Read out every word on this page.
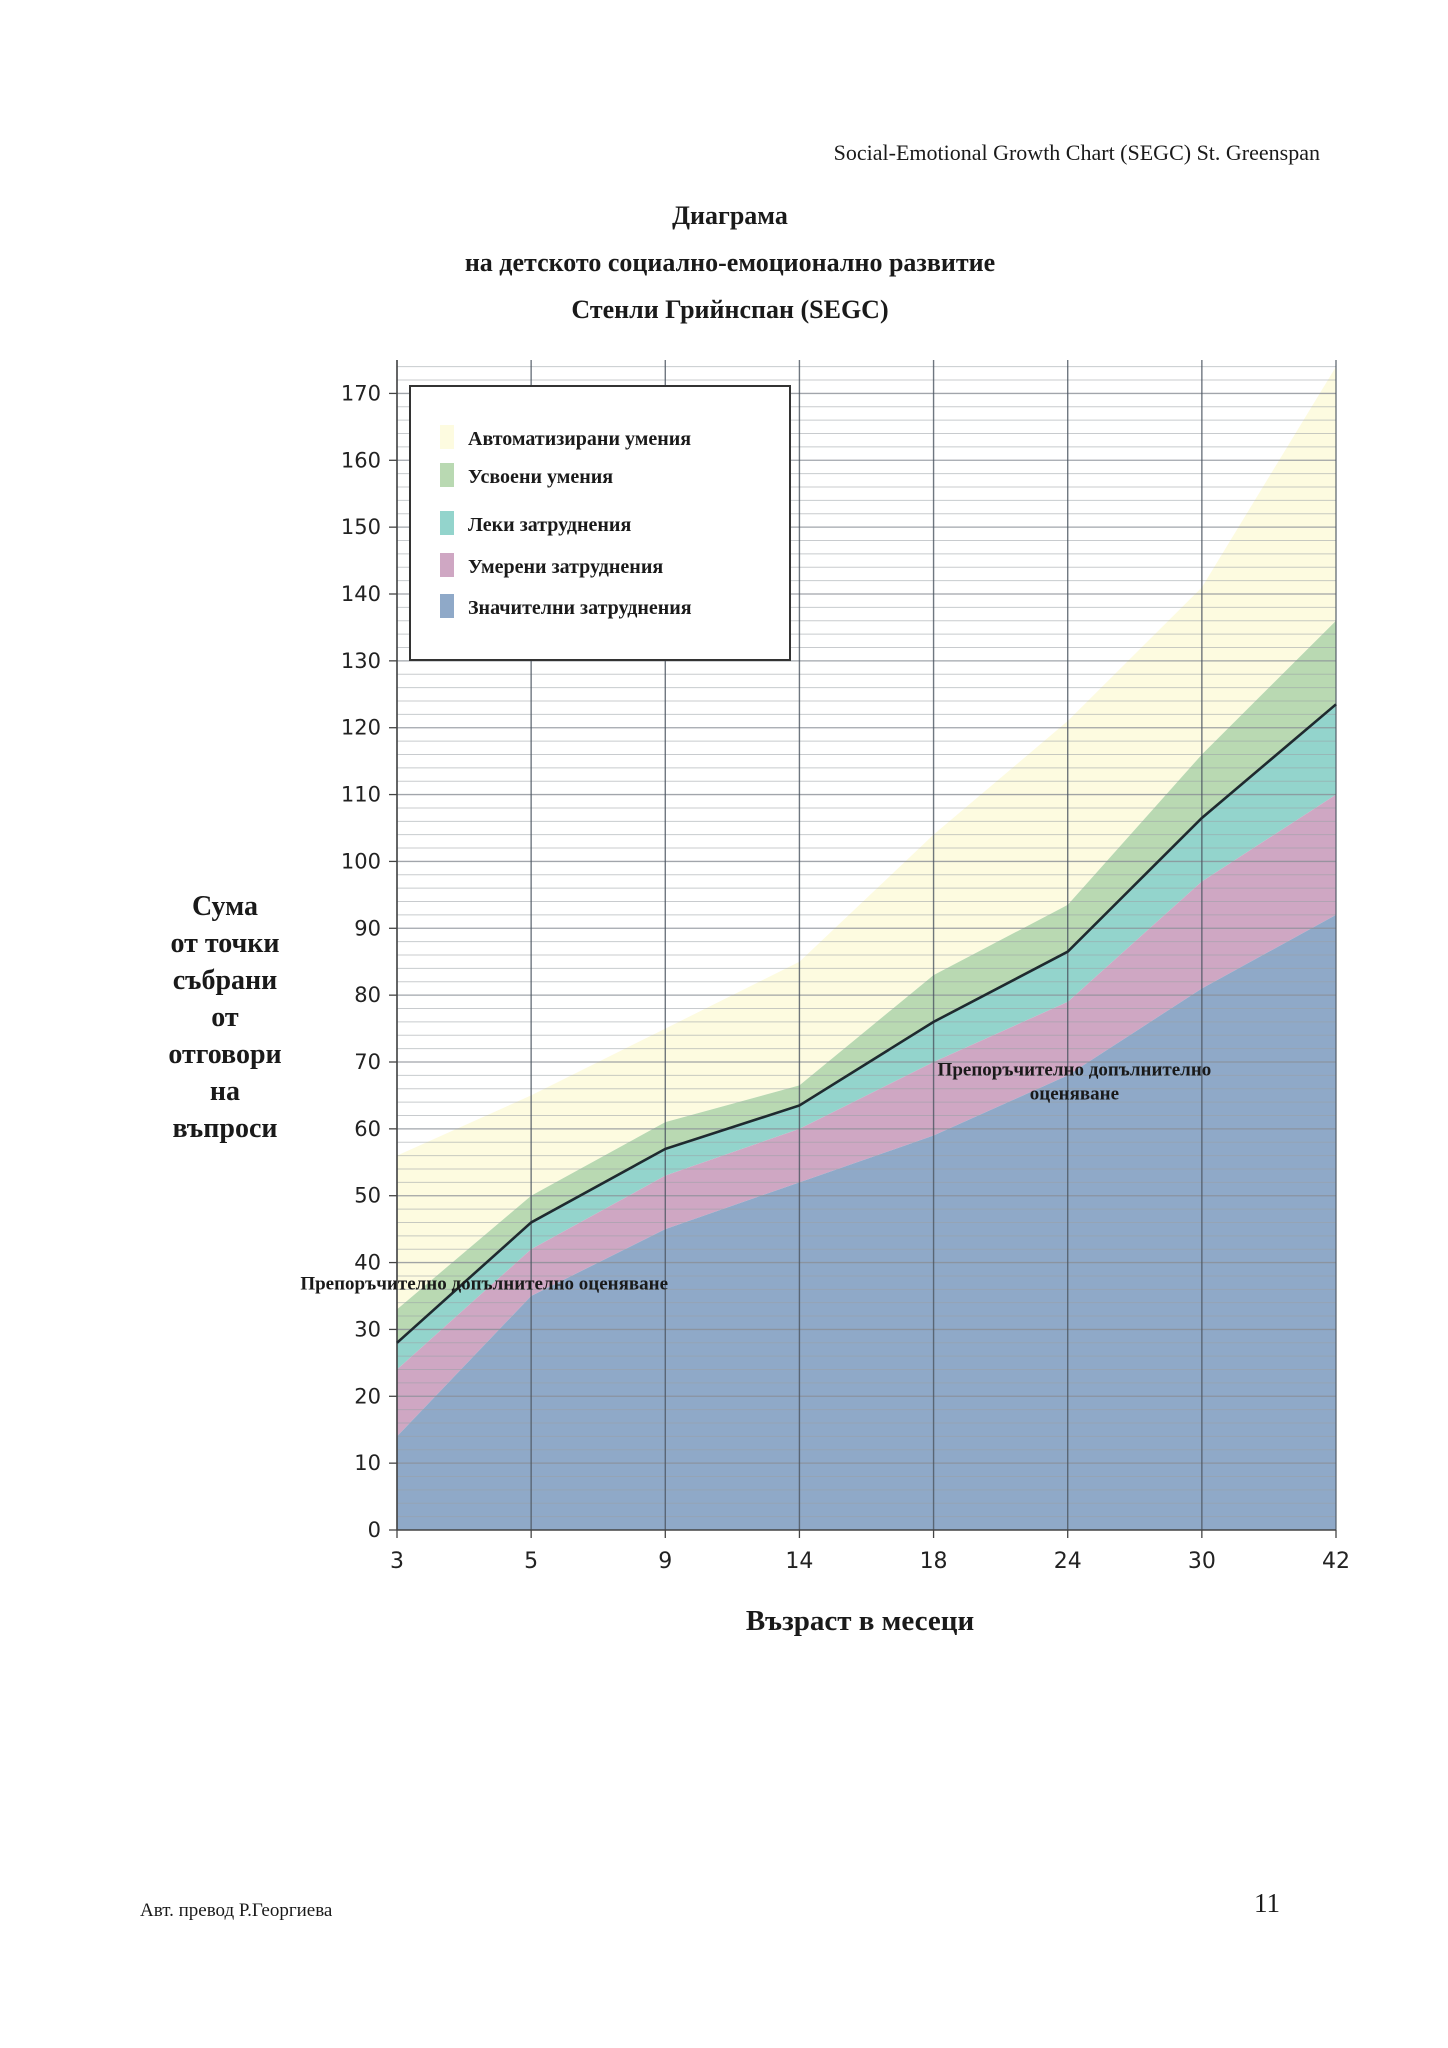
Social-Emotional Growth Chart (SEGC) St. Greenspan
Диаграма
на детското социално-емоционално развитие
Стенли Грийнспан (SEGC)
Сума
от точки
събрани
от
отговори
на
въпроси
0
10
20
30
40
50
60
70
80
90
100
110
120
130
140
150
160
170
3	5	9	14	18	24	30	42
Препоръчително допълнително оценяване
Препоръчително допълнително
оценяване
Автоматизирани умения
Усвоени умения
Леки затруднения
Умерени затруднения
Значителни затруднения
Възраст в месеци
Авт. превод Р.Георгиева	11
